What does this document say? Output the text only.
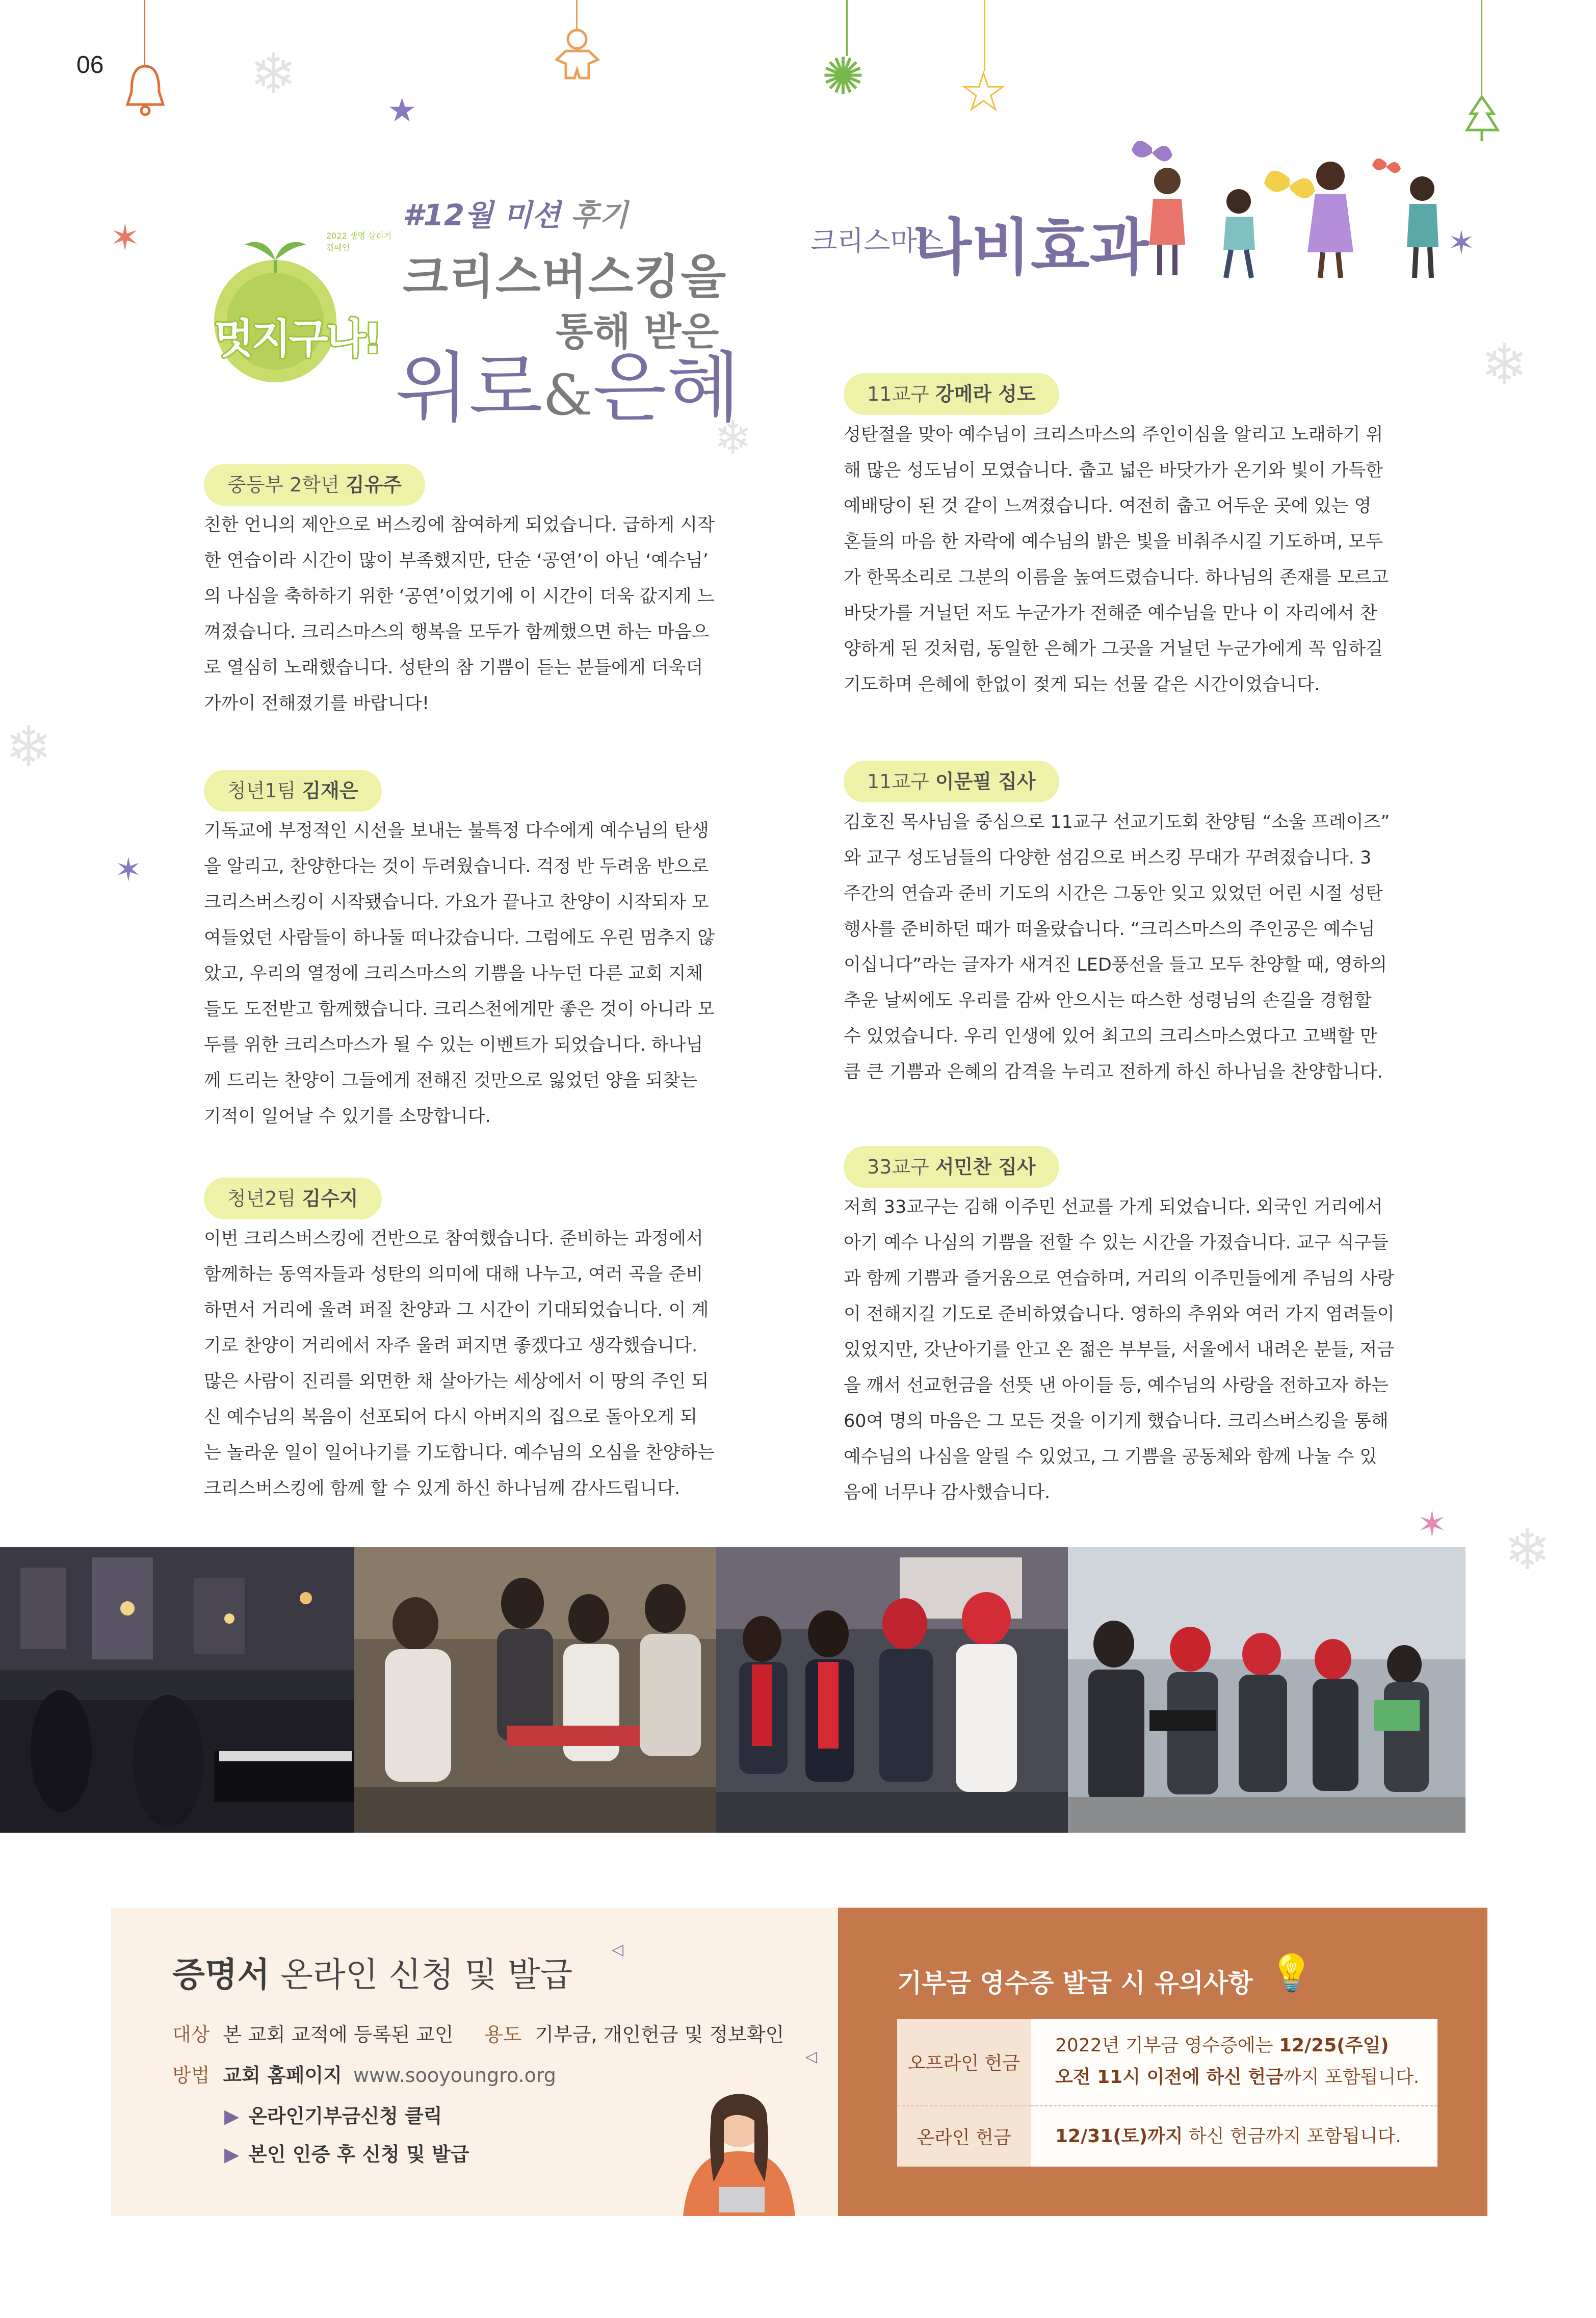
06	✺ ☆
★
✶	✶
✶
✶
❄
❄
❄
❄
❄
멋지구나!
2022 생명 살리기 캠페인
#12월 미션 후기
크리스버스킹을
통해 받은
위로&은혜
크리스마스
나비효과
중등부 2학년 김유주
친한 언니의 제안으로 버스킹에 참여하게 되었습니다. 급하게 시작
한 연습이라 시간이 많이 부족했지만, 단순 ‘공연’이 아닌 ‘예수님’
의 나심을 축하하기 위한 ‘공연’이었기에 이 시간이 더욱 값지게 느
껴졌습니다. 크리스마스의 행복을 모두가 함께했으면 하는 마음으
로 열심히 노래했습니다. 성탄의 참 기쁨이 듣는 분들에게 더욱더
가까이 전해졌기를 바랍니다!
청년1팀 김재은
기독교에 부정적인 시선을 보내는 불특정 다수에게 예수님의 탄생
을 알리고, 찬양한다는 것이 두려웠습니다. 걱정 반 두려움 반으로
크리스버스킹이 시작됐습니다. 가요가 끝나고 찬양이 시작되자 모
여들었던 사람들이 하나둘 떠나갔습니다. 그럼에도 우린 멈추지 않
았고, 우리의 열정에 크리스마스의 기쁨을 나누던 다른 교회 지체
들도 도전받고 함께했습니다. 크리스천에게만 좋은 것이 아니라 모
두를 위한 크리스마스가 될 수 있는 이벤트가 되었습니다. 하나님
께 드리는 찬양이 그들에게 전해진 것만으로 잃었던 양을 되찾는
기적이 일어날 수 있기를 소망합니다.
청년2팀 김수지
이번 크리스버스킹에 건반으로 참여했습니다. 준비하는 과정에서
함께하는 동역자들과 성탄의 의미에 대해 나누고, 여러 곡을 준비
하면서 거리에 울려 퍼질 찬양과 그 시간이 기대되었습니다. 이 계
기로 찬양이 거리에서 자주 울려 퍼지면 좋겠다고 생각했습니다.
많은 사람이 진리를 외면한 채 살아가는 세상에서 이 땅의 주인 되
신 예수님의 복음이 선포되어 다시 아버지의 집으로 돌아오게 되
는 놀라운 일이 일어나기를 기도합니다. 예수님의 오심을 찬양하는
크리스버스킹에 함께 할 수 있게 하신 하나님께 감사드립니다.
11교구 강메라 성도
성탄절을 맞아 예수님이 크리스마스의 주인이심을 알리고 노래하기 위
해 많은 성도님이 모였습니다. 춥고 넓은 바닷가가 온기와 빛이 가득한
예배당이 된 것 같이 느껴졌습니다. 여전히 춥고 어두운 곳에 있는 영
혼들의 마음 한 자락에 예수님의 밝은 빛을 비춰주시길 기도하며, 모두
가 한목소리로 그분의 이름을 높여드렸습니다. 하나님의 존재를 모르고
바닷가를 거닐던 저도 누군가가 전해준 예수님을 만나 이 자리에서 찬
양하게 된 것처럼, 동일한 은혜가 그곳을 거닐던 누군가에게 꼭 임하길
기도하며 은혜에 한없이 젖게 되는 선물 같은 시간이었습니다.
11교구 이문필 집사
김호진 목사님을 중심으로 11교구 선교기도회 찬양팀 “소울 프레이즈”
와 교구 성도님들의 다양한 섬김으로 버스킹 무대가 꾸려졌습니다. 3
주간의 연습과 준비 기도의 시간은 그동안 잊고 있었던 어린 시절 성탄
행사를 준비하던 때가 떠올랐습니다. “크리스마스의 주인공은 예수님
이십니다”라는 글자가 새겨진 LED풍선을 들고 모두 찬양할 때, 영하의
추운 날씨에도 우리를 감싸 안으시는 따스한 성령님의 손길을 경험할
수 있었습니다. 우리 인생에 있어 최고의 크리스마스였다고 고백할 만
큼 큰 기쁨과 은혜의 감격을 누리고 전하게 하신 하나님을 찬양합니다.
33교구 서민찬 집사
저희 33교구는 김해 이주민 선교를 가게 되었습니다. 외국인 거리에서
아기 예수 나심의 기쁨을 전할 수 있는 시간을 가졌습니다. 교구 식구들
과 함께 기쁨과 즐거움으로 연습하며, 거리의 이주민들에게 주님의 사랑
이 전해지길 기도로 준비하였습니다. 영하의 추위와 여러 가지 염려들이
있었지만, 갓난아기를 안고 온 젊은 부부들, 서울에서 내려온 분들, 저금
을 깨서 선교헌금을 선뜻 낸 아이들 등, 예수님의 사랑을 전하고자 하는
60여 명의 마음은 그 모든 것을 이기게 했습니다. 크리스버스킹을 통해
예수님의 나심을 알릴 수 있었고, 그 기쁨을 공동체와 함께 나눌 수 있
음에 너무나 감사했습니다.
증명서 온라인 신청 및 발급
◁
◁
대상 본 교회 교적에 등록된 교인 용도 기부금, 개인헌금 및 정보확인
방법 교회 홈페이지 www.sooyoungro.org
▶ 온라인기부금신청 클릭
▶ 본인 인증 후 신청 및 발급
기부금 영수증 발급 시 유의사항 💡
오프라인 헌금	2022년 기부금 영수증에는 12/25(주일)
오전 11시 이전에 하신 헌금까지 포함됩니다.

온라인 헌금	12/31(토)까지 하신 헌금까지 포함됩니다.
